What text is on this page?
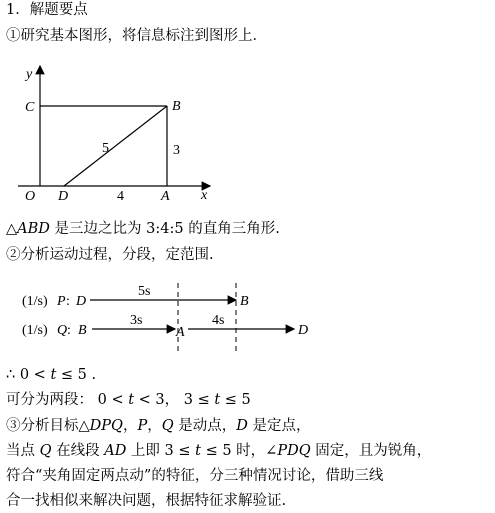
1．解题要点
①研究基本图形，将信息标注到图形上．
y
x
O
C	B
D	A
5	3
4
△ABD 是三边之比为 3:4:5 的直角三角形.
②分析运动过程，分段，定范围.
(1/s) P : D
5s
B
(1/s) Q : B
3s
A
4s
D
∴ 0 < t ≤ 5 .
可分为两段： 0 < t < 3， 3 ≤ t ≤ 5
③分析目标△DPQ，P，Q 是动点，D 是定点，
当点 Q 在线段 AD 上即 3 ≤ t ≤ 5 时，∠PDQ 固定，且为锐角，
符合“夹角固定两点动”的特征，分三种情况讨论，借助三线
合一找相似来解决问题，根据特征求解验证.
